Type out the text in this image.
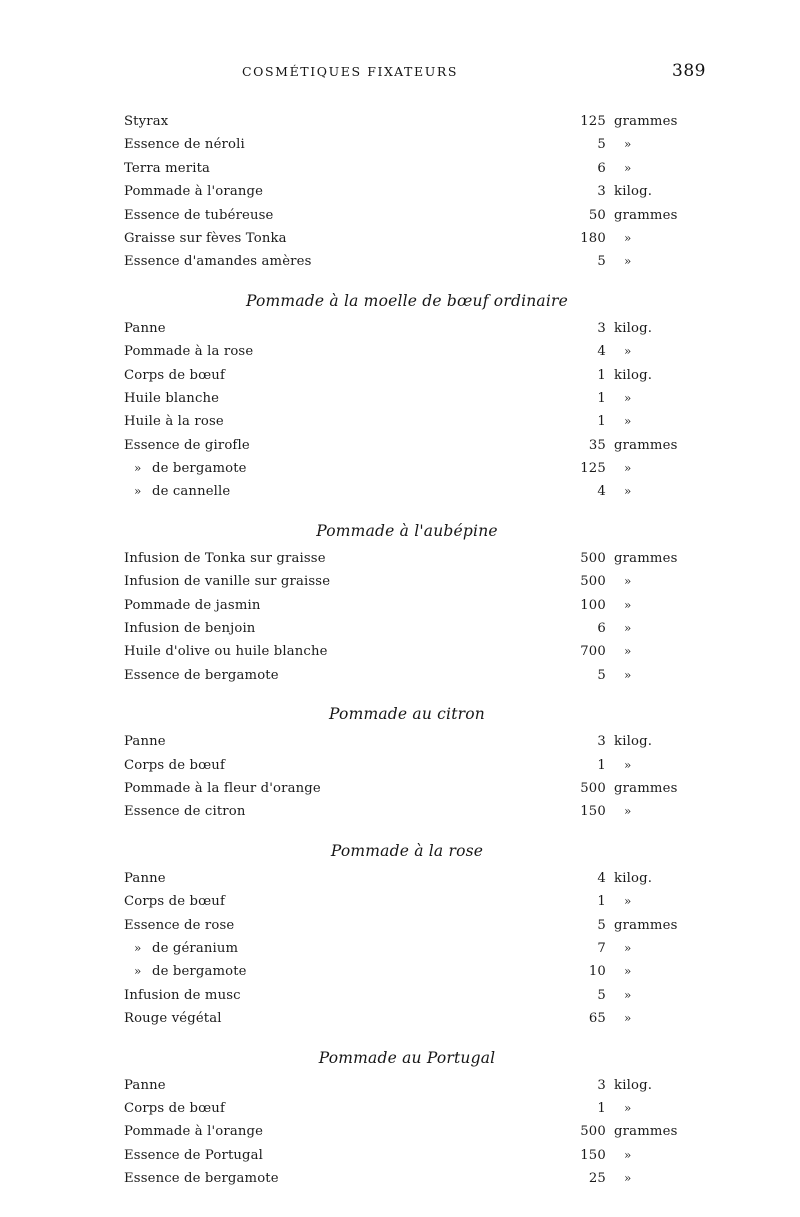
COSMÉTIQUES FIXATEURS	389
Styrax	125 grammes
Essence de néroli	5 »
Terra merita	6 »
Pommade à l'orange	3 kilog.
Essence de tubéreuse	50 grammes
Graisse sur fèves Tonka	180 »
Essence d'amandes amères	5 »
Pommade à la moelle de bœuf ordinaire
Panne	3 kilog.
Pommade à la rose	4 »
Corps de bœuf	1 kilog.
Huile blanche	1 »
Huile à la rose	1 »
Essence de girofle	35 grammes
» de bergamote	125 »
» de cannelle	4 »
Pommade à l'aubépine
Infusion de Tonka sur graisse	500 grammes
Infusion de vanille sur graisse	500 »
Pommade de jasmin	100 »
Infusion de benjoin	6 »
Huile d'olive ou huile blanche	700 »
Essence de bergamote	5 »
Pommade au citron
Panne	3 kilog.
Corps de bœuf	1 »
Pommade à la fleur d'orange	500 grammes
Essence de citron	150 »
Pommade à la rose
Panne	4 kilog.
Corps de bœuf	1 »
Essence de rose	5 grammes
» de géranium	7 »
» de bergamote	10 »
Infusion de musc	5 »
Rouge végétal	65 »
Pommade au Portugal
Panne	3 kilog.
Corps de bœuf	1 »
Pommade à l'orange	500 grammes
Essence de Portugal	150 »
Essence de bergamote	25 »
